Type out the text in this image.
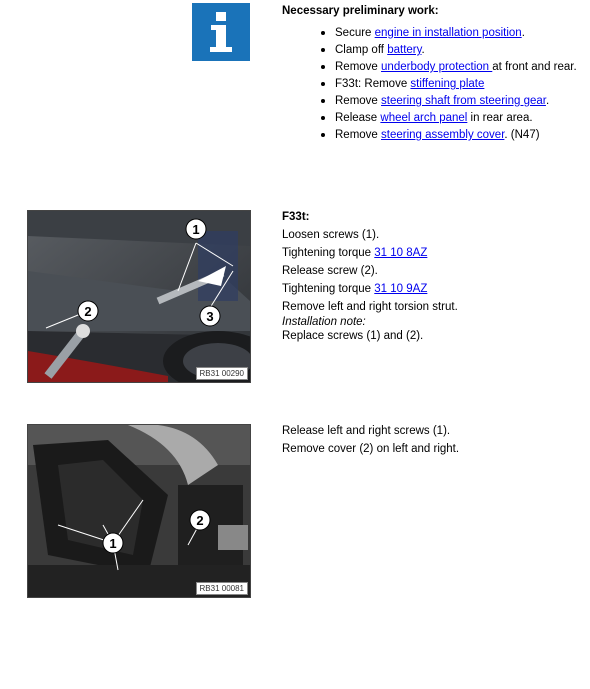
Necessary preliminary work:
Secure engine in installation position.
Clamp off battery.
Remove underbody protection at front and rear.
F33t: Remove stiffening plate
Remove steering shaft from steering gear.
Release wheel arch panel in rear area.
Remove steering assembly cover. (N47)
1
2	3
RB31 00290

F33t:

Loosen screws (1).

Tightening torque 31 10 8AZ

Release screw (2).

Tightening torque 31 10 9AZ

Remove left and right torsion strut.

Installation note:

Replace screws (1) and (2).

1
2
RB31 00081

Release left and right screws (1).

Remove cover (2) on left and right.
